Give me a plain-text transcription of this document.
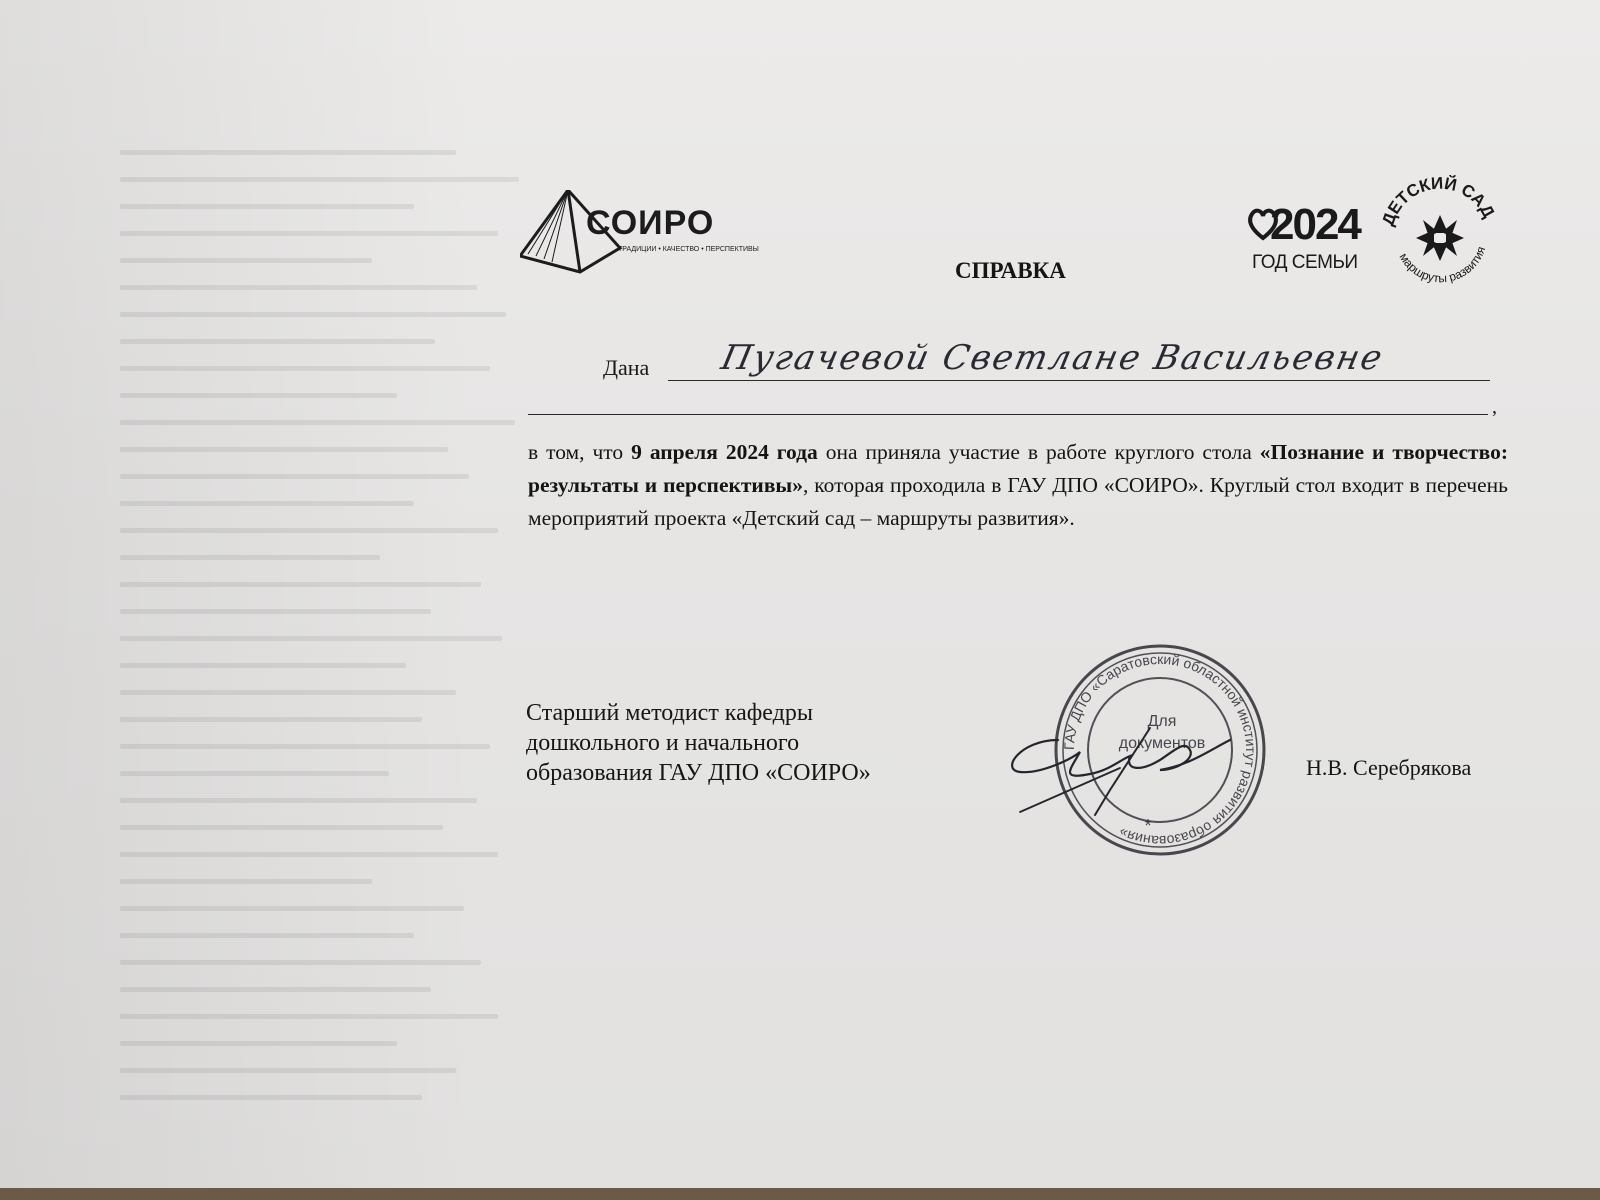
СОИРО
ТРАДИЦИИ • КАЧЕСТВО • ПЕРСПЕКТИВЫ
СПРАВКА
2024
ГОД СЕМЬИ
ДЕТСКИЙ САД
маршруты развития
Дана Пугачевой Светлане Васильевне
,
в том, что 9 апреля 2024 года она приняла участие в работе круглого стола «Познание и творчество: результаты и перспективы», которая проходила в ГАУ ДПО «СОИРО». Круглый стол входит в перечень мероприятий проекта «Детский сад – маршруты развития».
Старший методист кафедры
дошкольного и начального
образования ГАУ ДПО «СОИРО»
ГАУ ДПО «Саратовский областной институт развития образования»
Для
документов
*
Н.В. Серебрякова
